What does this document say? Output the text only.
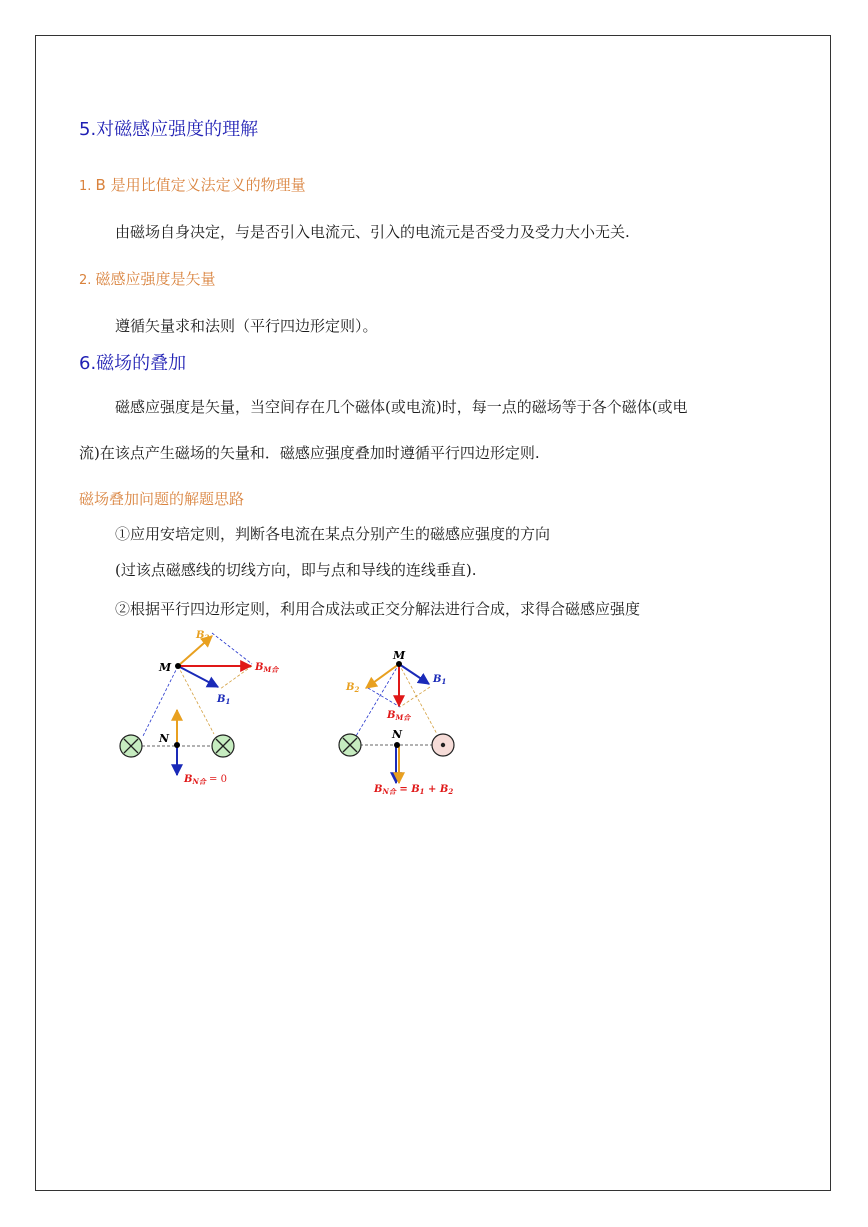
5.对磁感应强度的理解
1. B 是用比值定义法定义的物理量
由磁场自身决定，与是否引入电流元、引入的电流元是否受力及受力大小无关.
2. 磁感应强度是矢量
遵循矢量求和法则（平行四边形定则）。
6.磁场的叠加
磁感应强度是矢量，当空间存在几个磁体(或电流)时，每一点的磁场等于各个磁体(或电
流)在该点产生磁场的矢量和．磁感应强度叠加时遵循平行四边形定则.
磁场叠加问题的解题思路
①应用安培定则，判断各电流在某点分别产生的磁感应强度的方向
(过该点磁感线的切线方向，即与点和导线的连线垂直).
②根据平行四边形定则，利用合成法或正交分解法进行合成，求得合磁感应强度
M
N
$B_2$
$B_1$
$B_{M合}$
$B_{N合} = 0$
M
N
$B_2$
$B_1$
$B_{M合}$
$B_{N合} = B_1 + B_2$
